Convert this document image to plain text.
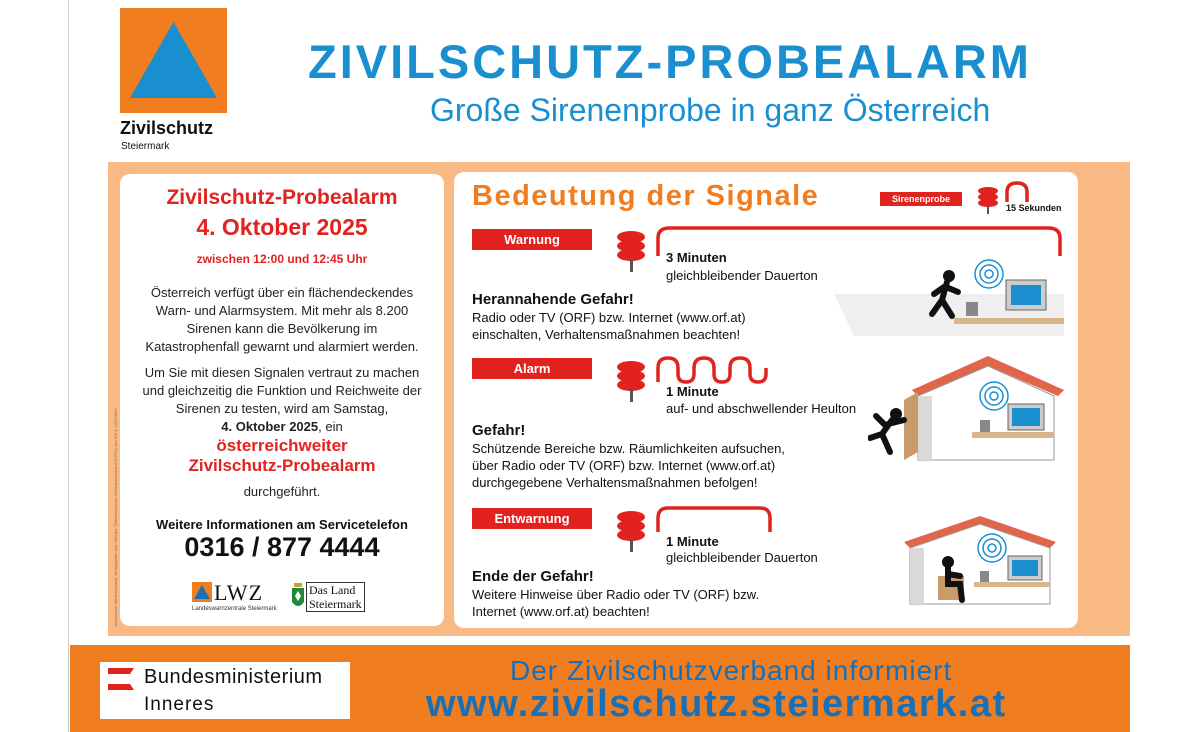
Zivilschutz
Steiermark
ZIVILSCHUTZ-PROBEALARM
Große Sirenenprobe in ganz Österreich
Impressum: Medieninhaber, Herausgeber und Verleger: Österreichischer Zivilschutzverband (ÖZSV), Am Hof 4, 1010 Wien
Zivilschutz-Probealarm
4. Oktober 2025
zwischen 12:00 und 12:45 Uhr
Österreich verfügt über ein flächendeckendes
Warn- und Alarmsystem. Mit mehr als 8.200
Sirenen kann die Bevölkerung im
Katastrophenfall gewarnt und alarmiert werden.
Um Sie mit diesen Signalen vertraut zu machen
und gleichzeitig die Funktion und Reichweite der
Sirenen zu testen, wird am Samstag,
4. Oktober 2025, ein
österreichweiter
Zivilschutz-Probealarm
durchgeführt.
Weitere Informationen am Servicetelefon
0316 / 877 4444
LWZ
Landeswarnzentrale Steiermark
Das Land
Steiermark
Bedeutung der Signale	Sirenenprobe
15 Sekunden
Warnung
3 Minuten
gleichbleibender Dauerton
Herannahende Gefahr!
Radio oder TV (ORF) bzw. Internet (www.orf.at)
einschalten, Verhaltensmaßnahmen beachten!
Alarm
1 Minute
auf- und abschwellender Heulton
Gefahr!
Schützende Bereiche bzw. Räumlichkeiten aufsuchen,
über Radio oder TV (ORF) bzw. Internet (www.orf.at)
durchgegebene Verhaltensmaßnahmen befolgen!
Entwarnung
1 Minute
gleichbleibender Dauerton
Ende der Gefahr!
Weitere Hinweise über Radio oder TV (ORF) bzw.
Internet (www.orf.at) beachten!
Bundesministerium
Inneres
Der Zivilschutzverband informiert
www.zivilschutz.steiermark.at
